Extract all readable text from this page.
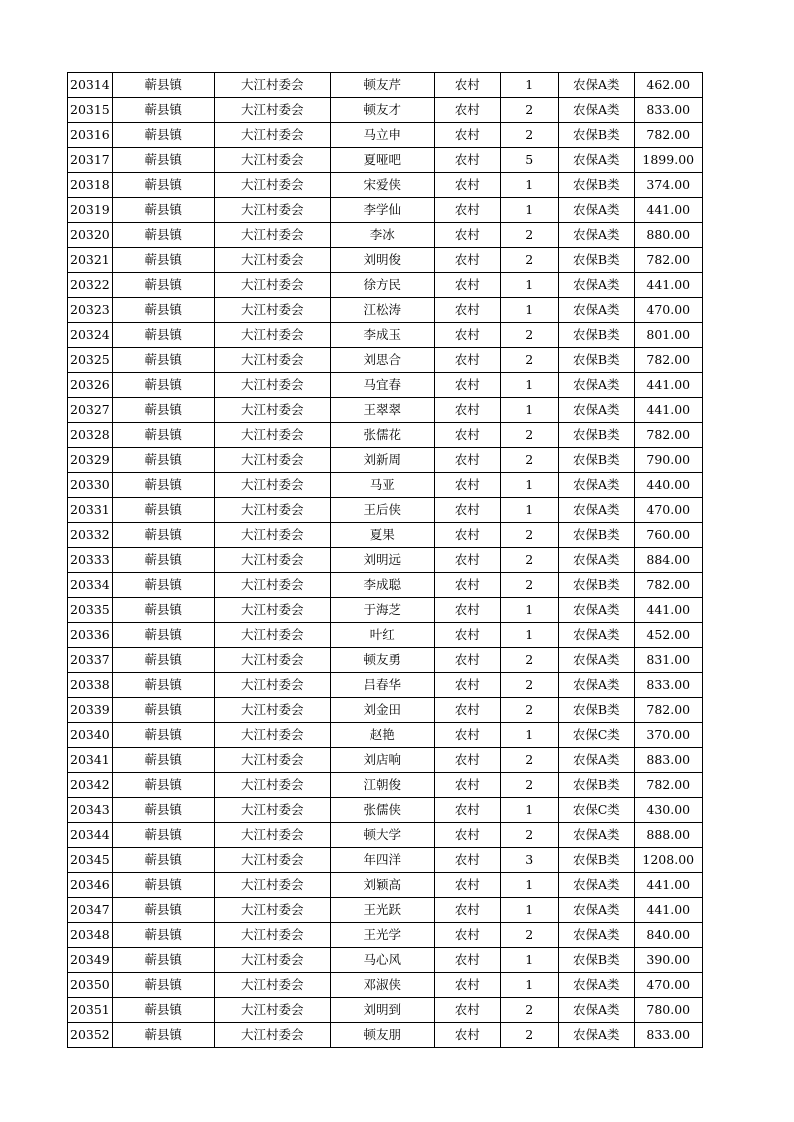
20314	蕲县镇	大江村委会	顿友芹	农村	1	农保A类	462.00
20315	蕲县镇	大江村委会	顿友才	农村	2	农保A类	833.00
20316	蕲县镇	大江村委会	马立申	农村	2	农保B类	782.00
20317	蕲县镇	大江村委会	夏哑吧	农村	5	农保A类	1899.00
20318	蕲县镇	大江村委会	宋爱侠	农村	1	农保B类	374.00
20319	蕲县镇	大江村委会	李学仙	农村	1	农保A类	441.00
20320	蕲县镇	大江村委会	李冰	农村	2	农保A类	880.00
20321	蕲县镇	大江村委会	刘明俊	农村	2	农保B类	782.00
20322	蕲县镇	大江村委会	徐方民	农村	1	农保A类	441.00
20323	蕲县镇	大江村委会	江松涛	农村	1	农保A类	470.00
20324	蕲县镇	大江村委会	李成玉	农村	2	农保B类	801.00
20325	蕲县镇	大江村委会	刘思合	农村	2	农保B类	782.00
20326	蕲县镇	大江村委会	马宜春	农村	1	农保A类	441.00
20327	蕲县镇	大江村委会	王翠翠	农村	1	农保A类	441.00
20328	蕲县镇	大江村委会	张儒花	农村	2	农保B类	782.00
20329	蕲县镇	大江村委会	刘新周	农村	2	农保B类	790.00
20330	蕲县镇	大江村委会	马亚	农村	1	农保A类	440.00
20331	蕲县镇	大江村委会	王后侠	农村	1	农保A类	470.00
20332	蕲县镇	大江村委会	夏果	农村	2	农保B类	760.00
20333	蕲县镇	大江村委会	刘明远	农村	2	农保A类	884.00
20334	蕲县镇	大江村委会	李成聪	农村	2	农保B类	782.00
20335	蕲县镇	大江村委会	于海芝	农村	1	农保A类	441.00
20336	蕲县镇	大江村委会	叶红	农村	1	农保A类	452.00
20337	蕲县镇	大江村委会	顿友勇	农村	2	农保A类	831.00
20338	蕲县镇	大江村委会	吕春华	农村	2	农保A类	833.00
20339	蕲县镇	大江村委会	刘金田	农村	2	农保B类	782.00
20340	蕲县镇	大江村委会	赵艳	农村	1	农保C类	370.00
20341	蕲县镇	大江村委会	刘店响	农村	2	农保A类	883.00
20342	蕲县镇	大江村委会	江朝俊	农村	2	农保B类	782.00
20343	蕲县镇	大江村委会	张儒侠	农村	1	农保C类	430.00
20344	蕲县镇	大江村委会	顿大学	农村	2	农保A类	888.00
20345	蕲县镇	大江村委会	年四洋	农村	3	农保B类	1208.00
20346	蕲县镇	大江村委会	刘颖高	农村	1	农保A类	441.00
20347	蕲县镇	大江村委会	王光跃	农村	1	农保A类	441.00
20348	蕲县镇	大江村委会	王光学	农村	2	农保A类	840.00
20349	蕲县镇	大江村委会	马心风	农村	1	农保B类	390.00
20350	蕲县镇	大江村委会	邓淑侠	农村	1	农保A类	470.00
20351	蕲县镇	大江村委会	刘明到	农村	2	农保A类	780.00
20352	蕲县镇	大江村委会	顿友朋	农村	2	农保A类	833.00
